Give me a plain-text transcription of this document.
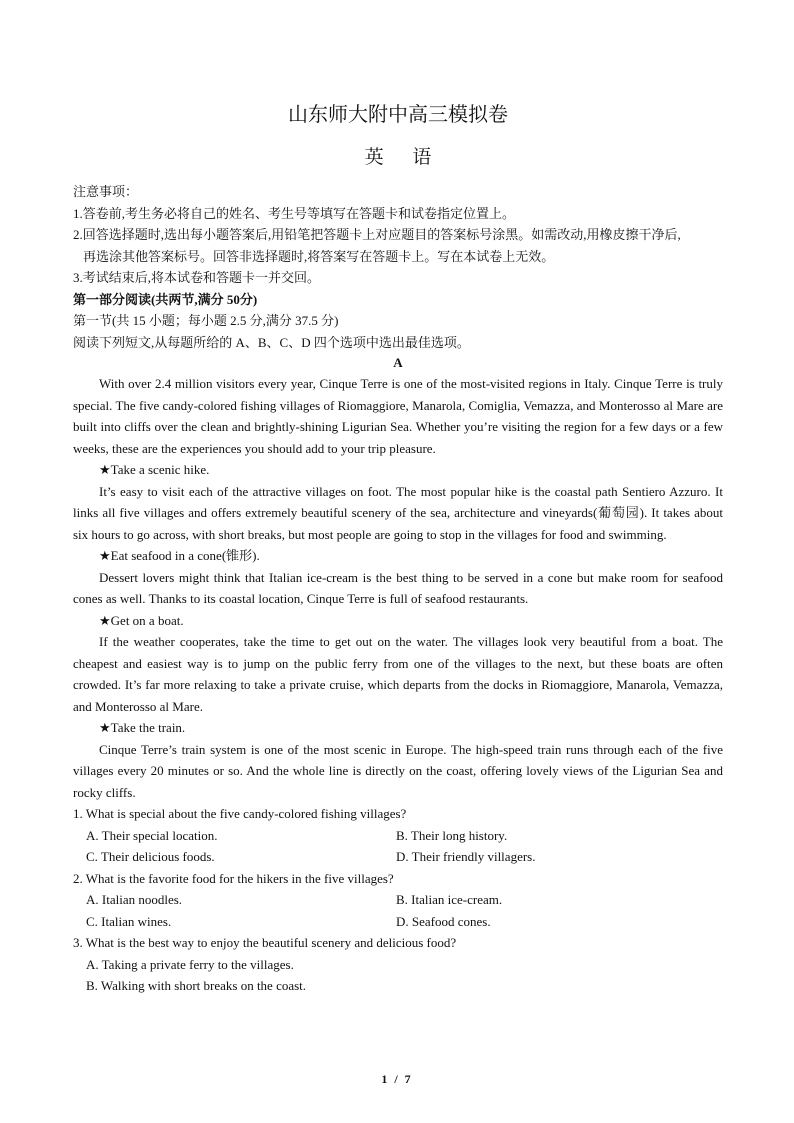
山东师大附中高三模拟卷
英 语
注意事项：
1.答卷前,考生务必将自己的姓名、考生号等填写在答题卡和试卷指定位置上。
2.回答选择题时,选出每小题答案后,用铅笔把答题卡上对应题目的答案标号涂黑。如需改动,用橡皮擦干净后,
再选涂其他答案标号。回答非选择题时,将答案写在答题卡上。写在本试卷上无效。
3.考试结束后,将本试卷和答题卡一并交回。
第一部分阅读(共两节,满分 50分)
第一节(共 15 小题；每小题 2.5 分,满分 37.5 分)
阅读下列短文,从每题所给的 A、B、C、D 四个选项中选出最佳选项。
A

With over 2.4 million visitors every year, Cinque Terre is one of the most-visited regions in Italy. Cinque Terre is truly special. The five candy-colored fishing villages of Riomaggiore, Manarola, Comiglia, Vemazza, and Monterosso al Mare are built into cliffs over the clean and brightly-shining Ligurian Sea. Whether you’re visiting the region for a few days or a few weeks, these are the experiences you should add to your trip pleasure.

★Take a scenic hike.

It’s easy to visit each of the attractive villages on foot. The most popular hike is the coastal path Sentiero Azzuro. It links all five villages and offers extremely beautiful scenery of the sea, architecture and vineyards(葡萄园). It takes about six hours to go across, with short breaks, but most people are going to stop in the villages for food and swimming.

★Eat seafood in a cone(锥形).

Dessert lovers might think that Italian ice-cream is the best thing to be served in a cone but make room for seafood cones as well. Thanks to its coastal location, Cinque Terre is full of seafood restaurants.

★Get on a boat.

If the weather cooperates, take the time to get out on the water. The villages look very beautiful from a boat. The cheapest and easiest way is to jump on the public ferry from one of the villages to the next, but these boats are often crowded. It’s far more relaxing to take a private cruise, which departs from the docks in Riomaggiore, Manarola, Vemazza, and Monterosso al Mare.

★Take the train.

Cinque Terre’s train system is one of the most scenic in Europe. The high-speed train runs through each of the five villages every 20 minutes or so. And the whole line is directly on the coast, offering lovely views of the Ligurian Sea and rocky cliffs.

1. What is special about the five candy-colored fishing villages?
A. Their special location.	B. Their long history.
C. Their delicious foods.	D. Their friendly villagers.
2. What is the favorite food for the hikers in the five villages?
A. Italian noodles.	B. Italian ice-cream.
C. Italian wines.	D. Seafood cones.
3. What is the best way to enjoy the beautiful scenery and delicious food?
A. Taking a private ferry to the villages.
B. Walking with short breaks on the coast.
1 / 7
